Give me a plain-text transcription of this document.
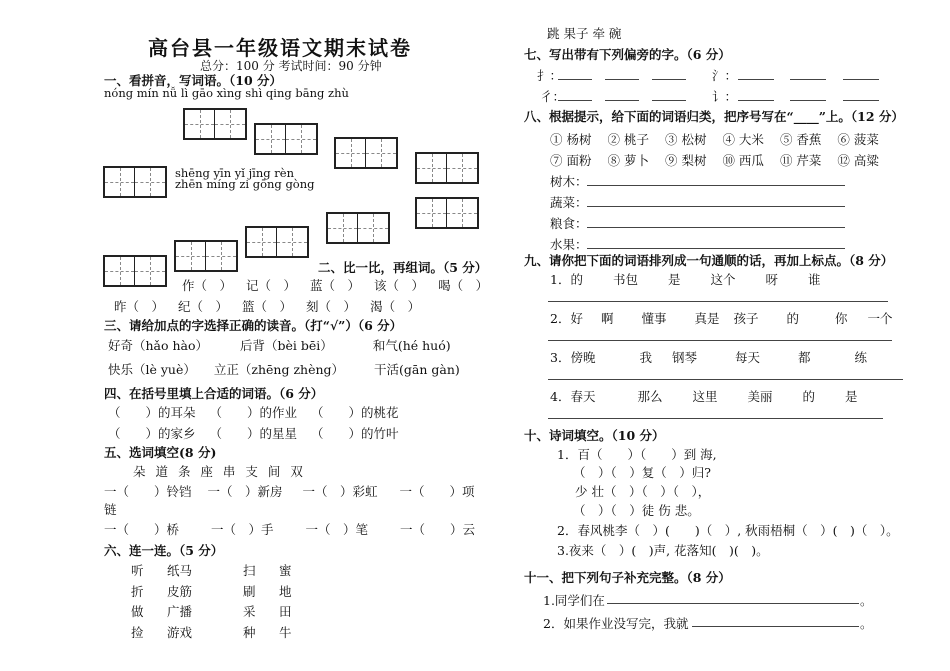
高台县一年级语文期末试卷
总分：100 分 考试时间：90 分钟
一、看拼音，写词语。（10 分）
nóng mín nǚ lì gāo xìng shì qing bāng zhù
shēng yīn yǐ jīng rèn
zhēn míng zi gōng gòng
二、比一比，再组词。（5 分）
作（　） 记（　） 蓝（　） 该（　） 喝（　）
昨（　） 纪（　） 篮（　） 刻（　） 渴（　）
三、请给加点的字选择正确的读音。（打“√”）（6 分）
好奇（hǎo hào）	后背（bèi bēi）	和气(hé huó)
快乐（lè yuè） 立正（zhēng zhèng） 干活(gān gàn)
四、在括号里填上合适的词语。（6 分）
（　　）的耳朵 （　　）的作业 （　　）的桃花
（　　）的家乡 （　　）的星星 （　　）的竹叶
五、选词填空(8 分)
朵 道 条 座 串 支 间 双
一（　　）铃铛 一（　）新房 一（　）彩虹 一（　　）项
链
一（　　）桥	一（　）手	一（　）笔	一（　　）云
六、连一连。（5 分）
听 纸马
折 皮筋
做 广播
捡 游戏
扫 蜜
刷 地
采 田
种 牛
跳 果子 牵 碗
七、写出带有下列偏旁的字。（6 分）
扌：	氵：
彳：	讠：
八、根据提示，给下面的词语归类，把序号写在“____”上。（12 分）
① 杨树 ② 桃子 ③ 松树 ④ 大米 ⑤ 香蕉 ⑥ 菠菜
⑦ 面粉 ⑧ 萝卜 ⑨ 梨树 ⑩ 西瓜 ⑪ 芹菜 ⑫ 高粱
树木：
蔬菜：
粮食：
水果：
九、请你把下面的词语排列成一句通顺的话，再加上标点。（8 分）
1．的 书包 是 这个 呀 谁
2．好 啊 懂事 真是 孩子 的	你 一个
3．傍晚	我 钢琴	每天	都	练
4．春天	那么 这里 美丽 的 是
十、诗词填空。（10 分）
1．百（　　）（　　）到 海,
（　）（　）复（　）归?
少 壮（　）（　）（　），
（　）（　）徒 伤 悲。
2．春风桃李（　）(　　)（　）, 秋雨梧桐（　）(　)（　）。
3.夜来（　）(　)声, 花落知(　)(　)。
十一、把下列句子补充完整。（8 分）
1.同学们在	。
2．如果作业没写完，我就	。
